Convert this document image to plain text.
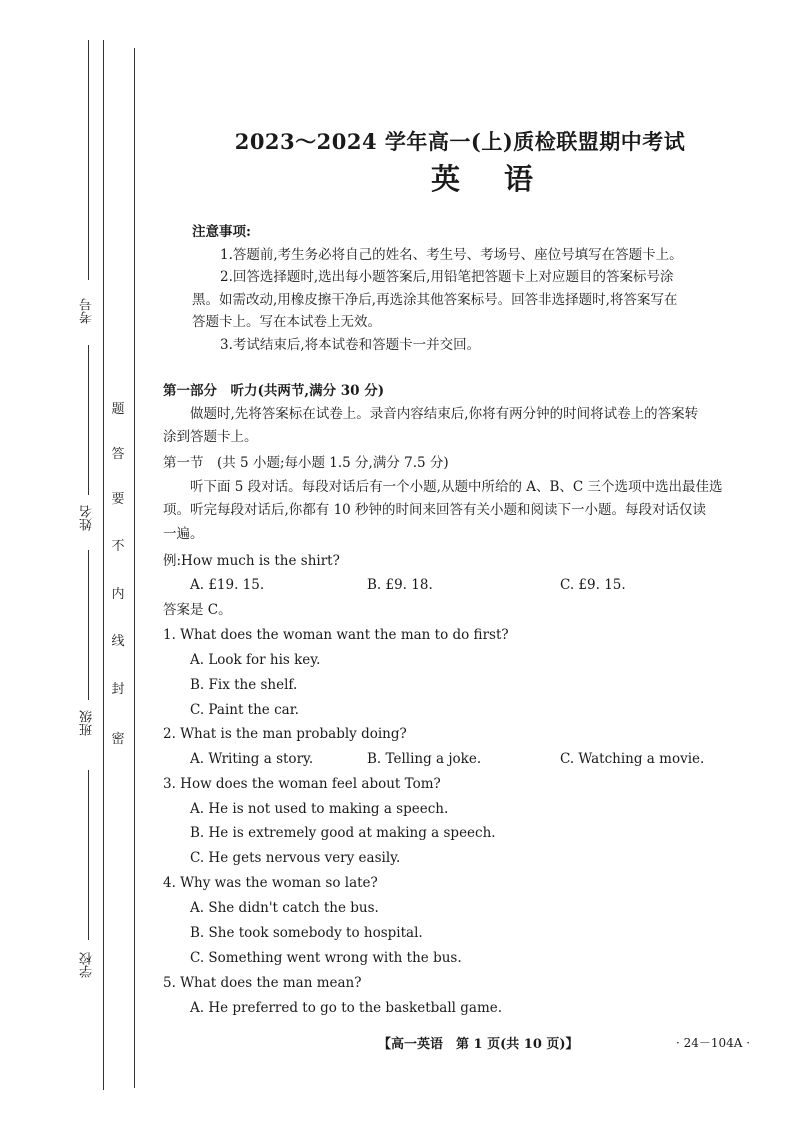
考号
姓名
班级
学校
题
答
要
不
内
线
封
密
2023～2024 学年高一(上)质检联盟期中考试
英语
注意事项:
1.答题前,考生务必将自己的姓名、考生号、考场号、座位号填写在答题卡上。
2.回答选择题时,选出每小题答案后,用铅笔把答题卡上对应题目的答案标号涂
黑。如需改动,用橡皮擦干净后,再选涂其他答案标号。回答非选择题时,将答案写在
答题卡上。写在本试卷上无效。
3.考试结束后,将本试卷和答题卡一并交回。
第一部分　听力(共两节,满分 30 分)
做题时,先将答案标在试卷上。录音内容结束后,你将有两分钟的时间将试卷上的答案转
涂到答题卡上。
第一节　(共 5 小题;每小题 1.5 分,满分 7.5 分)
听下面 5 段对话。每段对话后有一个小题,从题中所给的 A、B、C 三个选项中选出最佳选
项。听完每段对话后,你都有 10 秒钟的时间来回答有关小题和阅读下一小题。每段对话仅读
一遍。
例:How much is the shirt?
A. £19. 15.	B. £9. 18.	C. £9. 15.
答案是 C。
1. What does the woman want the man to do first?
A. Look for his key.
B. Fix the shelf.
C. Paint the car.
2. What is the man probably doing?
A. Writing a story.	B. Telling a joke.	C. Watching a movie.
3. How does the woman feel about Tom?
A. He is not used to making a speech.
B. He is extremely good at making a speech.
C. He gets nervous very easily.
4. Why was the woman so late?
A. She didn't catch the bus.
B. She took somebody to hospital.
C. Something went wrong with the bus.
5. What does the man mean?
A. He preferred to go to the basketball game.
【高一英语　第 1 页(共 10 页)】	· 24－104A ·
